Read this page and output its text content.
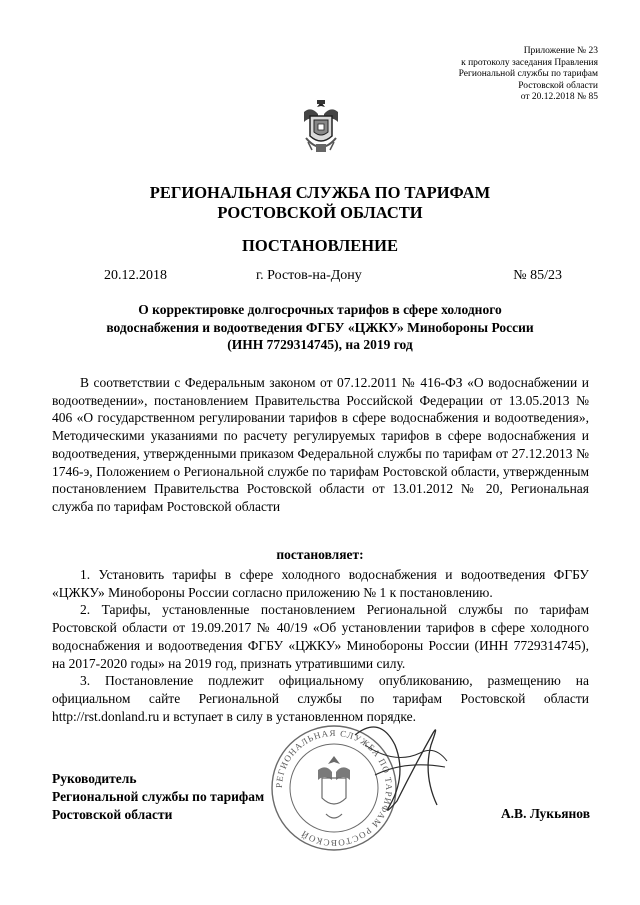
Приложение № 23
к протоколу заседания Правления
Региональной службы по тарифам
Ростовской области
от 20.12.2018 № 85
РЕГИОНАЛЬНАЯ СЛУЖБА ПО ТАРИФАМ
РОСТОВСКОЙ ОБЛАСТИ
ПОСТАНОВЛЕНИЕ
20.12.2018	г. Ростов-на-Дону	№ 85/23
О корректировке долгосрочных тарифов в сфере холодного
водоснабжения и водоотведения ФГБУ «ЦЖКУ» Минобороны России
(ИНН 7729314745), на 2019 год

В соответствии с Федеральным законом от 07.12.2011 № 416-ФЗ «О водоснабжении и водоотведении», постановлением Правительства Российской Федерации от 13.05.2013 № 406 «О государственном регулировании тарифов в сфере водоснабжения и водоотведения», Методическими указаниями по расчету регулируемых тарифов в сфере водоснабжения и водоотведения, утвержденными приказом Федеральной службы по тарифам от 27.12.2013 № 1746-э, Положением о Региональной службе по тарифам Ростовской области, утвержденным постановлением Правительства Ростовской области от 13.01.2012 № 20, Региональная служба по тарифам Ростовской области

постановляет:

1. Установить тарифы в сфере холодного водоснабжения и водоотведения ФГБУ «ЦЖКУ» Минобороны России согласно приложению № 1 к постановлению.

2. Тарифы, установленные постановлением Региональной службы по тарифам Ростовской области от 19.09.2017 № 40/19 «Об установлении тарифов в сфере холодного водоснабжения и водоотведения ФГБУ «ЦЖКУ» Минобороны России (ИНН 7729314745), на 2017-2020 годы» на 2019 год, признать утратившими силу.

3. Постановление подлежит официальному опубликованию, размещению на официальном сайте Региональной службы по тарифам Ростовской области http://rst.donland.ru и вступает в силу в установленном порядке.

РЕГИОНАЛЬНАЯ СЛУЖБА ПО ТАРИФАМ РОСТОВСКОЙ
Руководитель
Региональной службы по тарифам
Ростовской области	А.В. Лукьянов
